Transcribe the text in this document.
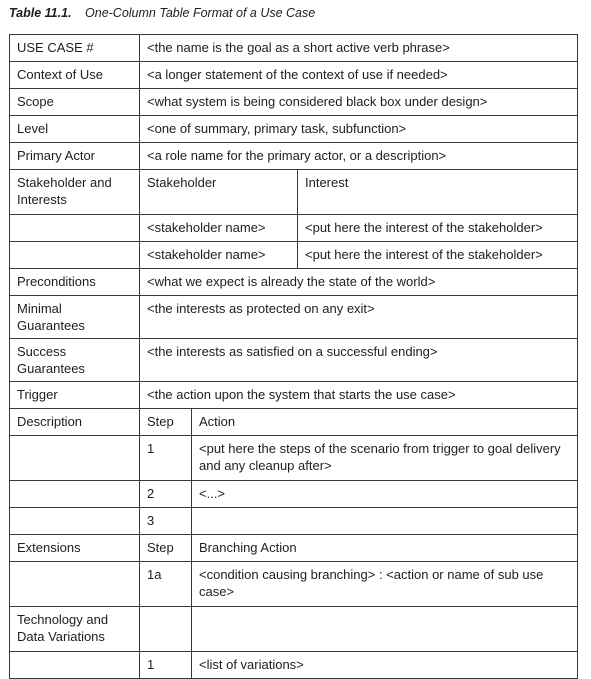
Table 11.1. One-Column Table Format of a Use Case
USE CASE #	<the name is the goal as a short active verb phrase>		
Context of Use	<a longer statement of the context of use if needed>		
Scope	<what system is being considered black box under design>		
Level	<one of summary, primary task, subfunction>		
Primary Actor	<a role name for the primary actor, or a description>		
Stakeholder and Interests	Stakeholder		Interest
	<stakeholder name>		<put here the interest of the stakeholder>
	<stakeholder name>		<put here the interest of the stakeholder>
Preconditions	<what we expect is already the state of the world>		
Minimal Guarantees	<the interests as protected on any exit>		
Success Guarantees	<the interests as satisfied on a successful ending>		
Trigger	<the action upon the system that starts the use case>		
Description	Step	Action	
	1	<put here the steps of the scenario from trigger to goal delivery and any cleanup after>	
	2	<...>	
	3		
Extensions	Step	Branching Action	
	1a	<condition causing branching> : <action or name of sub use case>	
Technology and Data Variations			
	1	<list of variations>	
